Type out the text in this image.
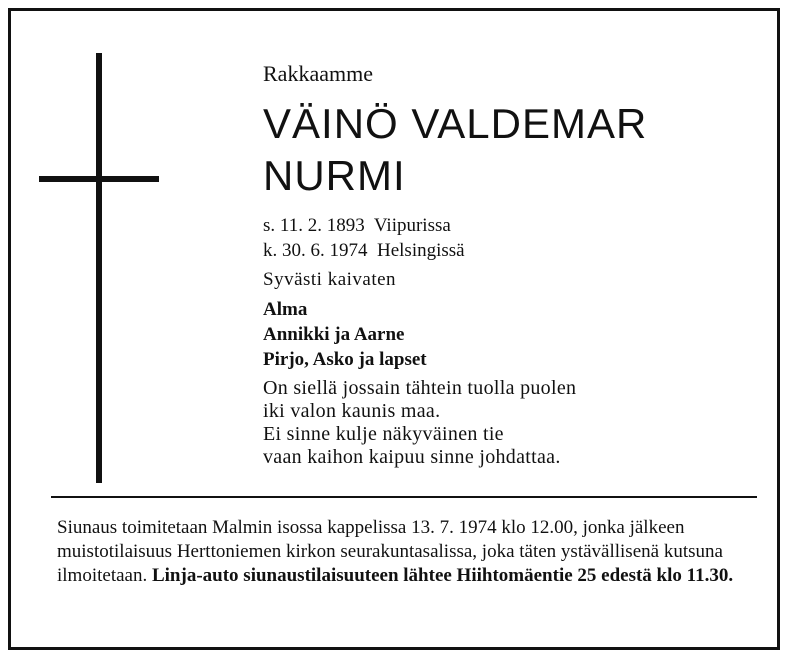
Rakkaamme
VÄINÖ VALDEMAR
NURMI
s. 11. 2. 1893  Viipurissa
k. 30. 6. 1974  Helsingissä
Syvästi kaivaten
Alma
Annikki ja Aarne
Pirjo, Asko ja lapset
On siellä jossain tähtein tuolla puolen
iki valon kaunis maa.
Ei sinne kulje näkyväinen tie
vaan kaihon kaipuu sinne johdattaa.
Siunaus toimitetaan Malmin isossa kappelissa 13. 7. 1974 klo 12.00, jonka jälkeen muistotilaisuus Herttoniemen kirkon seurakuntasalissa, joka täten ystävällisenä kutsuna ilmoitetaan. Linja-auto siunaustilaisuuteen lähtee Hiihtomäentie 25 edestä klo 11.30.
